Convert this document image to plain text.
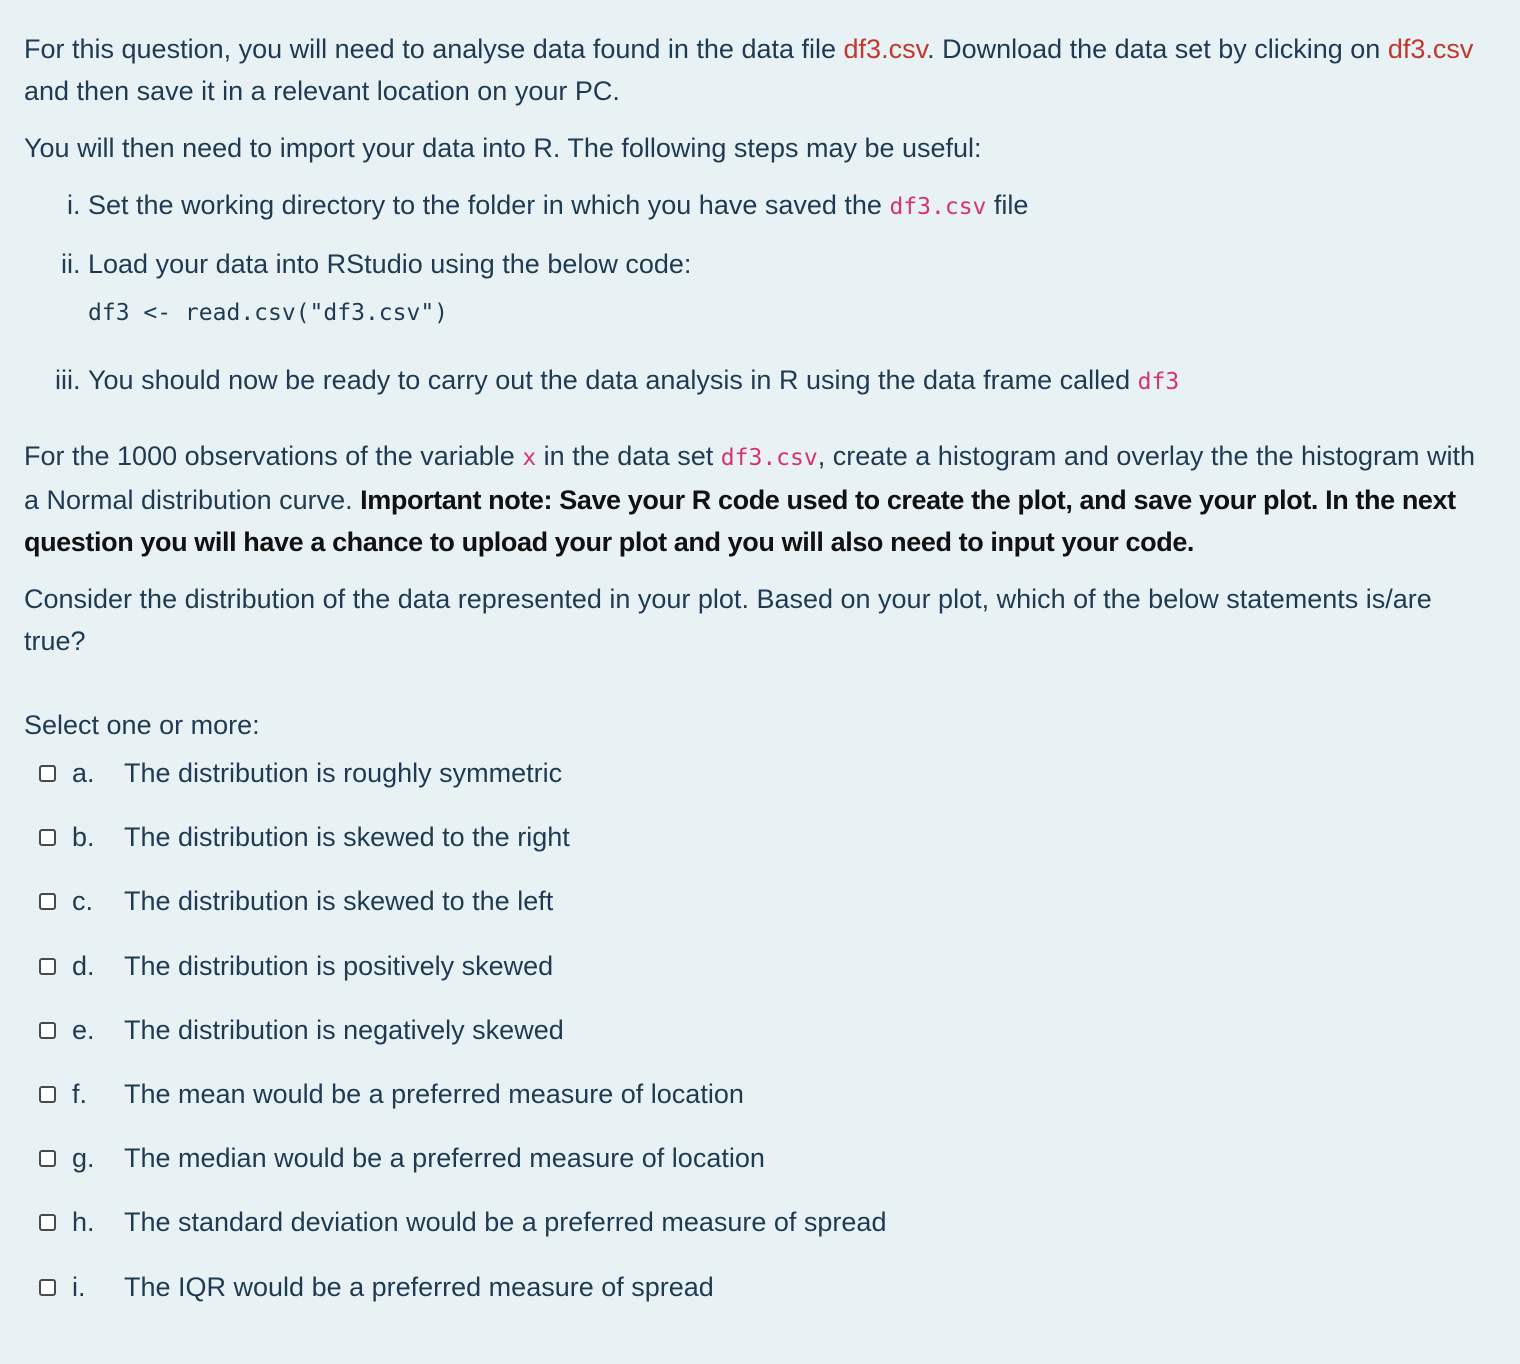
For this question, you will need to analyse data found in the data file df3.csv. Download the data set by clicking on df3.csv and then save it in a relevant location on your PC.

You will then need to import your data into R. The following steps may be useful:

i. Set the working directory to the folder in which you have saved the df3.csv file
ii. Load your data into RStudio using the below code:
df3 <- read.csv("df3.csv")
iii. You should now be ready to carry out the data analysis in R using the data frame called df3

For the 1000 observations of the variable x in the data set df3.csv, create a histogram and overlay the the histogram with a Normal distribution curve. Important note: Save your R code used to create the plot, and save your plot. In the next question you will have a chance to upload your plot and you will also need to input your code.

Consider the distribution of the data represented in your plot. Based on your plot, which of the below statements is/are true?

Select one or more:
a.	The distribution is roughly symmetric
b.	The distribution is skewed to the right
c.	The distribution is skewed to the left
d.	The distribution is positively skewed
e.	The distribution is negatively skewed
f.	The mean would be a preferred measure of location
g.	The median would be a preferred measure of location
h.	The standard deviation would be a preferred measure of spread
i.	The IQR would be a preferred measure of spread
